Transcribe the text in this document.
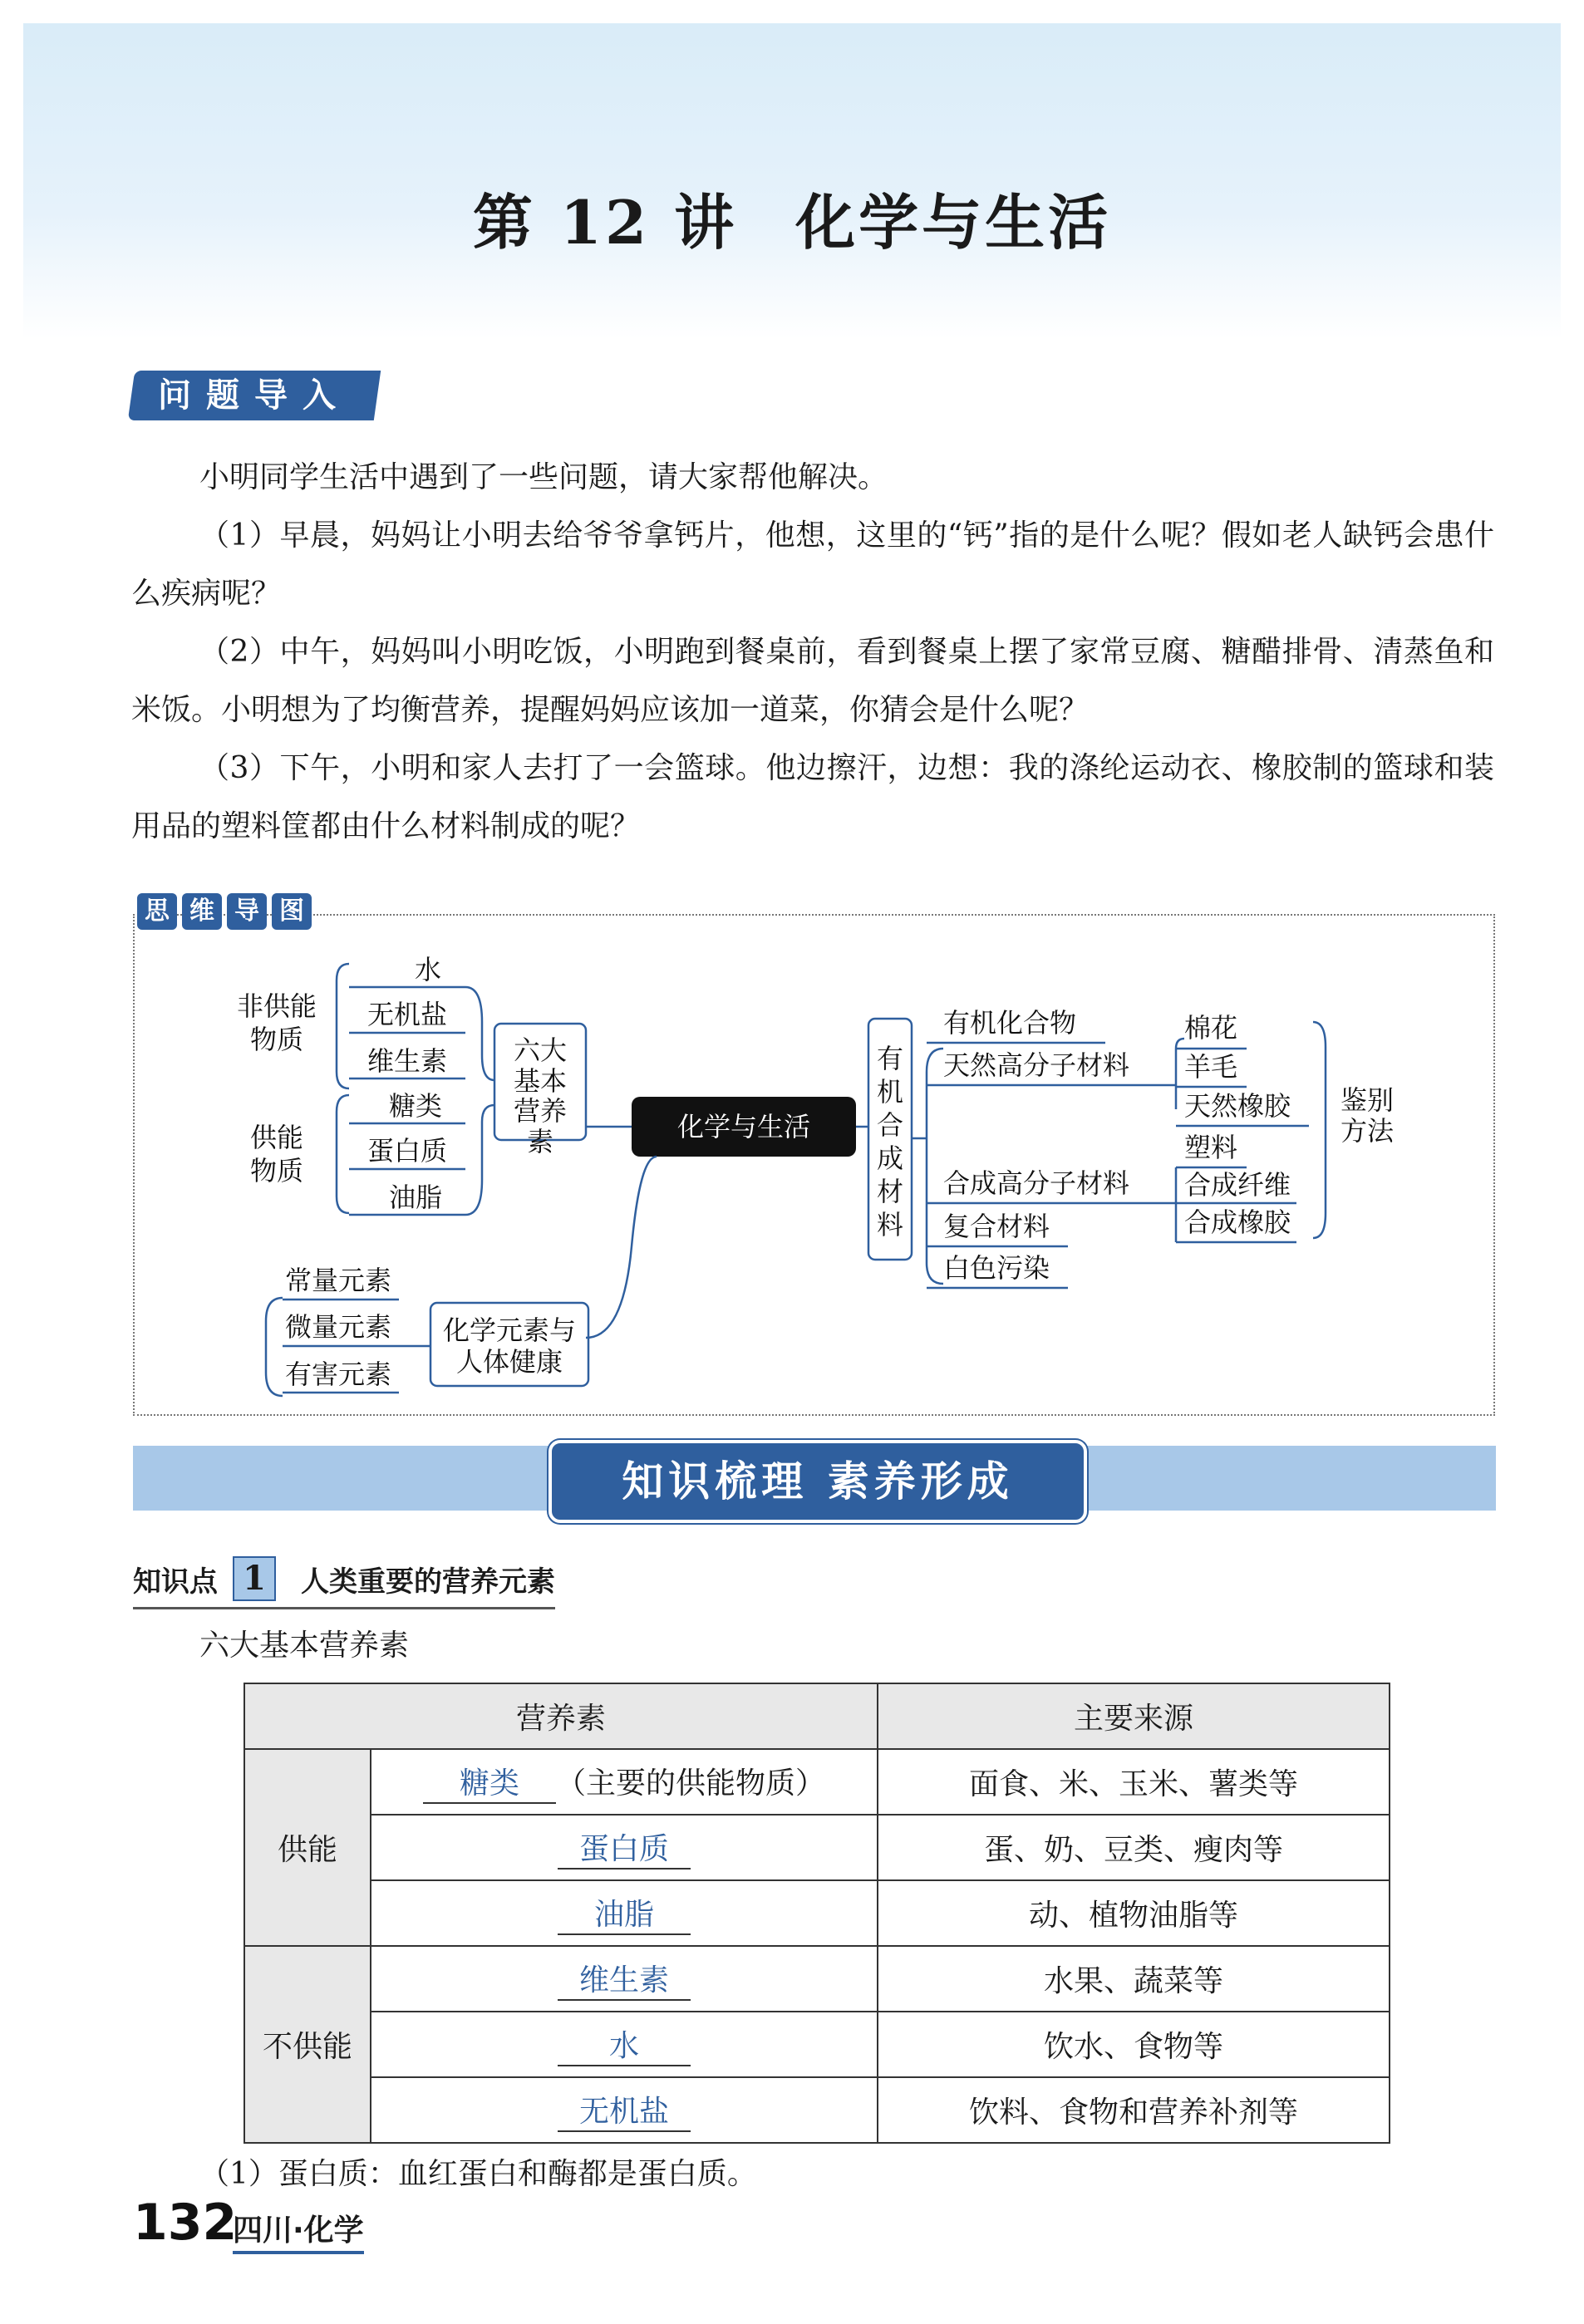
第 12 讲 化学与生活
问题导入
小明同学生活中遇到了一些问题，请大家帮他解决。
（1）早晨，妈妈让小明去给爷爷拿钙片，他想，这里的“钙”指的是什么呢？假如老人缺钙会患什么疾病呢？
（2）中午，妈妈叫小明吃饭，小明跑到餐桌前，看到餐桌上摆了家常豆腐、糖醋排骨、清蒸鱼和米饭。小明想为了均衡营养，提醒妈妈应该加一道菜，你猜会是什么呢？
（3）下午，小明和家人去打了一会篮球。他边擦汗，边想：我的涤纶运动衣、橡胶制的篮球和装用品的塑料筐都由什么材料制成的呢？
思 维 导 图
化学与生活
六大
基本
营养
素
非供能
物质
水
无机盐
维生素
供能
物质
糖类
蛋白质
油脂
化学元素与
人体健康
常量元素
微量元素
有害元素
有
机
合
成
材
料
有机化合物
天然高分子材料
合成高分子材料
复合材料
白色污染
棉花
羊毛
天然橡胶
塑料
合成纤维
合成橡胶
鉴别
方法
知识梳理 素养形成
知识点 1	人类重要的营养元素
六大基本营养素
营养素		主要来源
供能	糖类 （主要的供能物质）	面食、米、玉米、薯类等
	蛋白质	蛋、奶、豆类、瘦肉等
	油脂	动、植物油脂等
不供能	维生素	水果、蔬菜等
	水	饮水、食物等
	无机盐	饮料、食物和营养补剂等
（1）蛋白质：血红蛋白和酶都是蛋白质。
132
四川·化学
